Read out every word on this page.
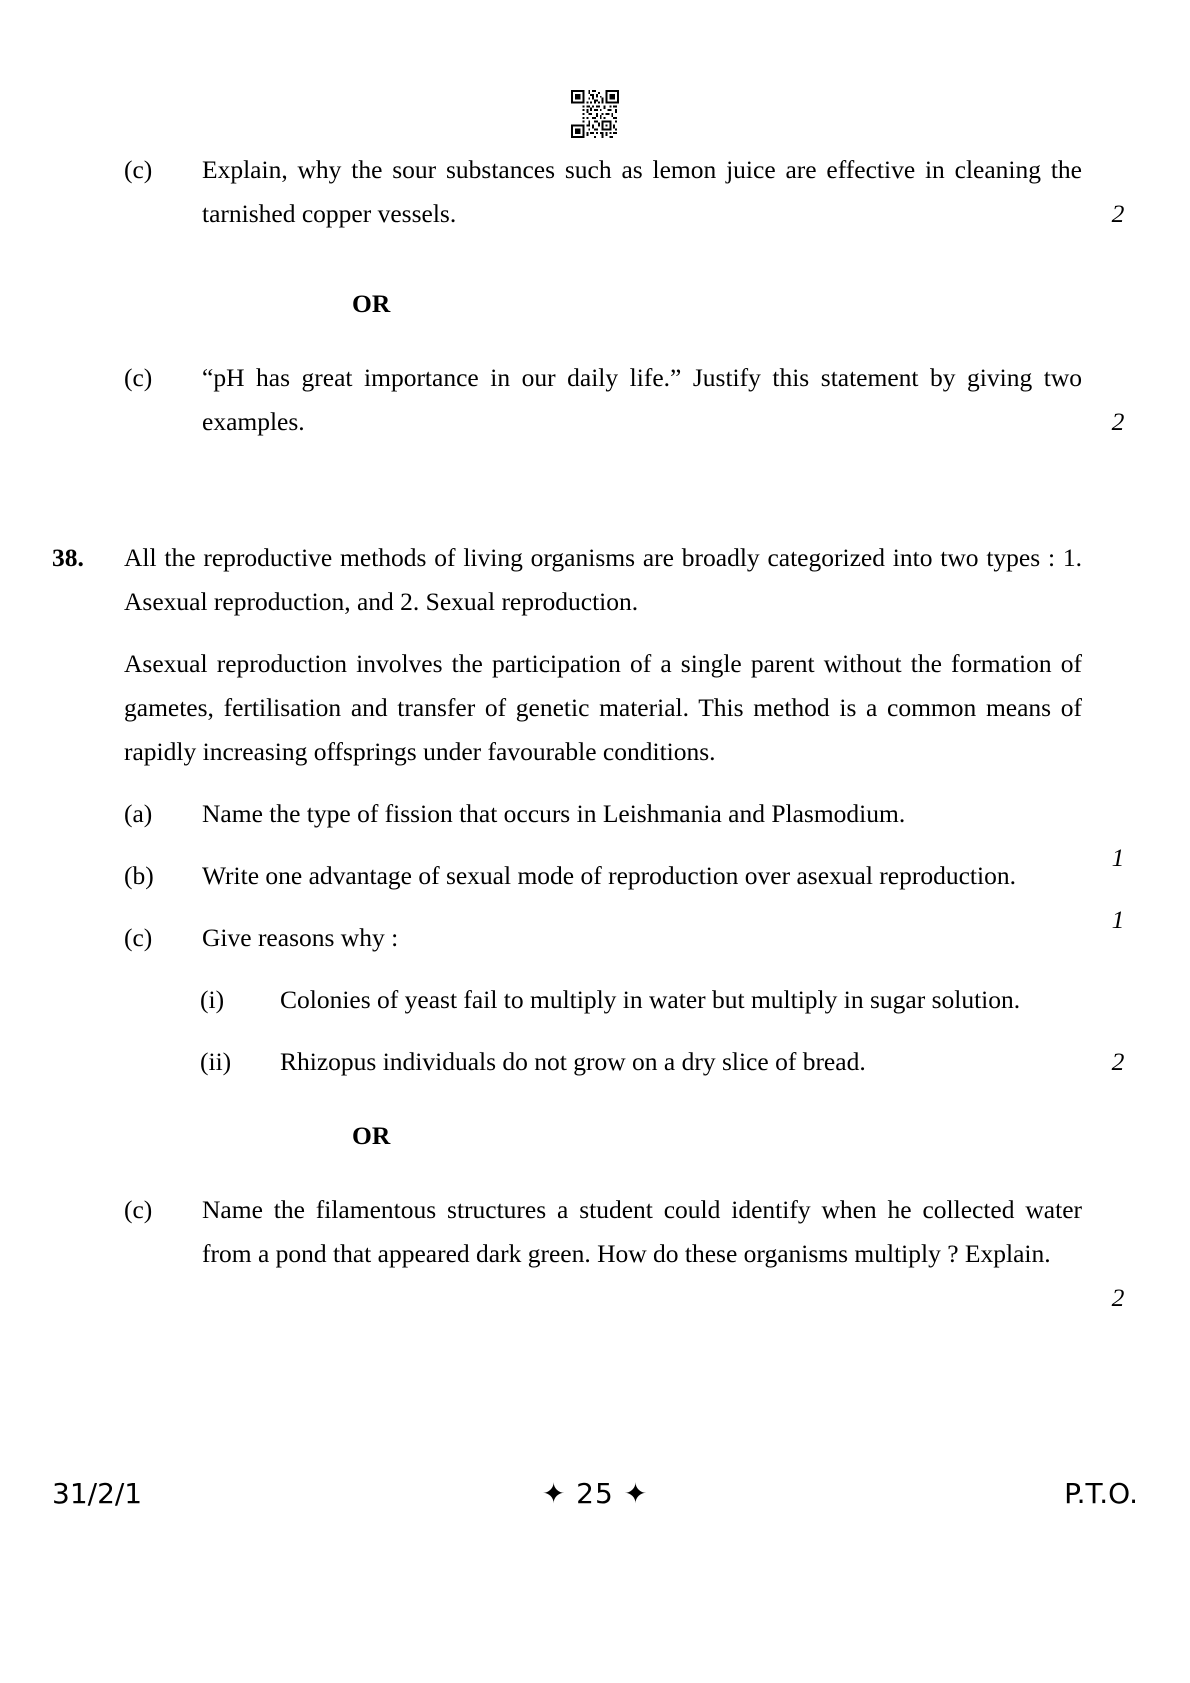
(c)	Explain, why the sour substances such as lemon juice are effective in cleaning the tarnished copper vessels.	2
OR
(c)	“pH has great importance in our daily life.” Justify this statement by giving two examples.	2
38.	All the reproductive methods of living organisms are broadly categorized into two types : 1. Asexual reproduction, and 2. Sexual reproduction.
Asexual reproduction involves the participation of a single parent without the formation of gametes, fertilisation and transfer of genetic material. This method is a common means of rapidly increasing offsprings under favourable conditions.
(a)	Name the type of fission that occurs in Leishmania and Plasmodium.
1
(b)	Write one advantage of sexual mode of reproduction over asexual reproduction.
1
(c)	Give reasons why :
(i)	Colonies of yeast fail to multiply in water but multiply in sugar solution.
(ii)	Rhizopus individuals do not grow on a dry slice of bread.	2
OR
(c)	Name the filamentous structures a student could identify when he collected water from a pond that appeared dark green. How do these organisms multiply ? Explain.
2
31/2/1	✦ 25 ✦	P.T.O.
